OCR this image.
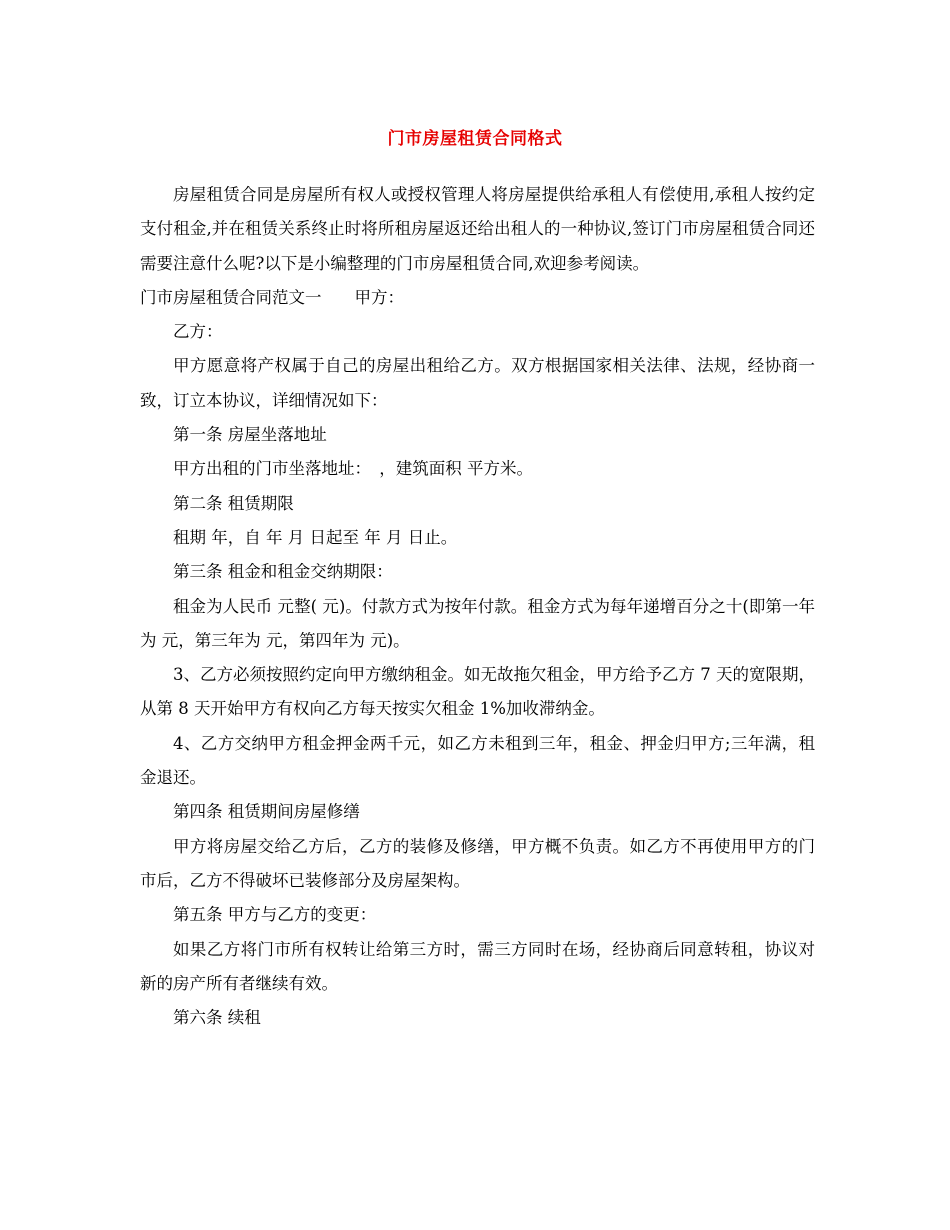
门市房屋租赁合同格式

房屋租赁合同是房屋所有权人或授权管理人将房屋提供给承租人有偿使用,承租人按约定支付租金,并在租赁关系终止时将所租房屋返还给出租人的一种协议,签订门市房屋租赁合同还需要注意什么呢?以下是小编整理的门市房屋租赁合同,欢迎参考阅读。

门市房屋租赁合同范文一　　甲方：

乙方：

甲方愿意将产权属于自己的房屋出租给乙方。双方根据国家相关法律、法规，经协商一致，订立本协议，详细情况如下：

第一条 房屋坐落地址

甲方出租的门市坐落地址：　，建筑面积 平方米。

第二条 租赁期限

租期 年，自 年 月 日起至 年 月 日止。

第三条 租金和租金交纳期限：

租金为人民币 元整( 元)。付款方式为按年付款。租金方式为每年递增百分之十(即第一年为 元，第三年为 元，第四年为 元)。

3、乙方必须按照约定向甲方缴纳租金。如无故拖欠租金，甲方给予乙方 7 天的宽限期，从第 8 天开始甲方有权向乙方每天按实欠租金 1%加收滞纳金。

4、乙方交纳甲方租金押金两千元，如乙方未租到三年，租金、押金归甲方;三年满，租金退还。

第四条 租赁期间房屋修缮

甲方将房屋交给乙方后，乙方的装修及修缮，甲方概不负责。如乙方不再使用甲方的门市后，乙方不得破坏已装修部分及房屋架构。

第五条 甲方与乙方的变更：

如果乙方将门市所有权转让给第三方时，需三方同时在场，经协商后同意转租，协议对新的房产所有者继续有效。

第六条 续租
